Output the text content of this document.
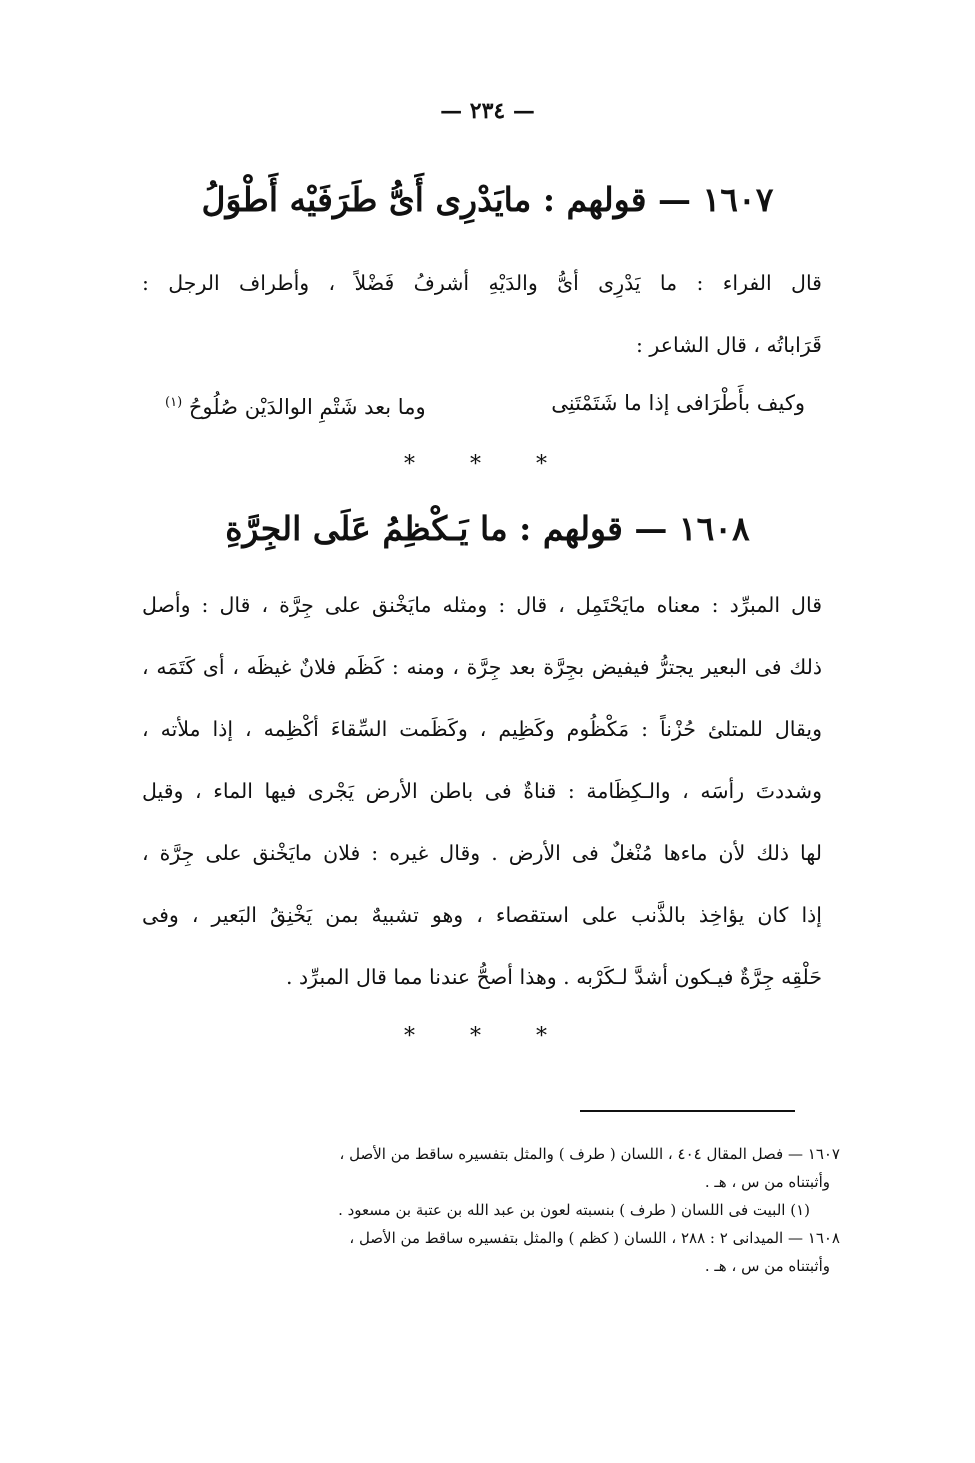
— ٢٣٤ —
١٦٠٧ — قولهم : مايَدْرِى أَىُّ طَرَفَيْه أَطْوَلُ
قال الفراء : ما يَدْرِى أىُّ والدَيْهِ أشرفُ فَضْلاً ، وأطراف الرجل :
قَرَاباتُه ، قال الشاعر :
وكيف بأَطْرَافى إذا ما شَتَمْتَنِى
وما بعد شَتْمِ الوالدَيْن صُلُوحُ $^{(١)}$
* * *
١٦٠٨ — قولهم : ما يَـكْظِمُ عَلَى الجِرَّةِ
قال المبرِّد : معناه مايَحْتَمِل ، قال : ومثله مايَخْنق على جِرَّة ، قال : وأصل
ذلك فى البعير يجترُّ فيفيض بجِرَّة بعد جِرَّة ، ومنه : كَظَم فلانٌ غيظَه ، أى كَتَمَه ،
ويقال للمتلئ حُزْناً : مَكْظُوم وكَظِيم ، وكَظَمت السِّقاءَ أكْظِمه ، إذا ملأته ،
وشددتَ رأسَه ، والـكِظَامة : قناةٌ فى باطن الأرض يَجْرى فيها الماء ، وقيل
لها ذلك لأن ماءها مُنْغلٌ فى الأرض . وقال غيره : فلان مايَخْنق على جِرَّة ،
إذا كان يؤاخِذ بالذَّنب على استقصاء ، وهو تشبيهٌ بمن يَخْنِقُ البَعير ، وفى
حَلْقِه جِرَّةٌ فيـكون أشدَّ لـكَرْبه . وهذا أصحُّ عندنا مما قال المبرِّد .
* * *
١٦٠٧ — فصل المقال ٤٠٤ ، اللسان ( طرف ) والمثل بتفسيره ساقط من الأصل ،
وأثبتناه من س ، هـ .
(١) البيت فى اللسان ( طرف ) بنسبته لعون بن عبد الله بن عتبة بن مسعود .
١٦٠٨ — الميدانى ٢ : ٢٨٨ ، اللسان ( كظم ) والمثل بتفسيره ساقط من الأصل ،
وأثبتناه من س ، هـ .
